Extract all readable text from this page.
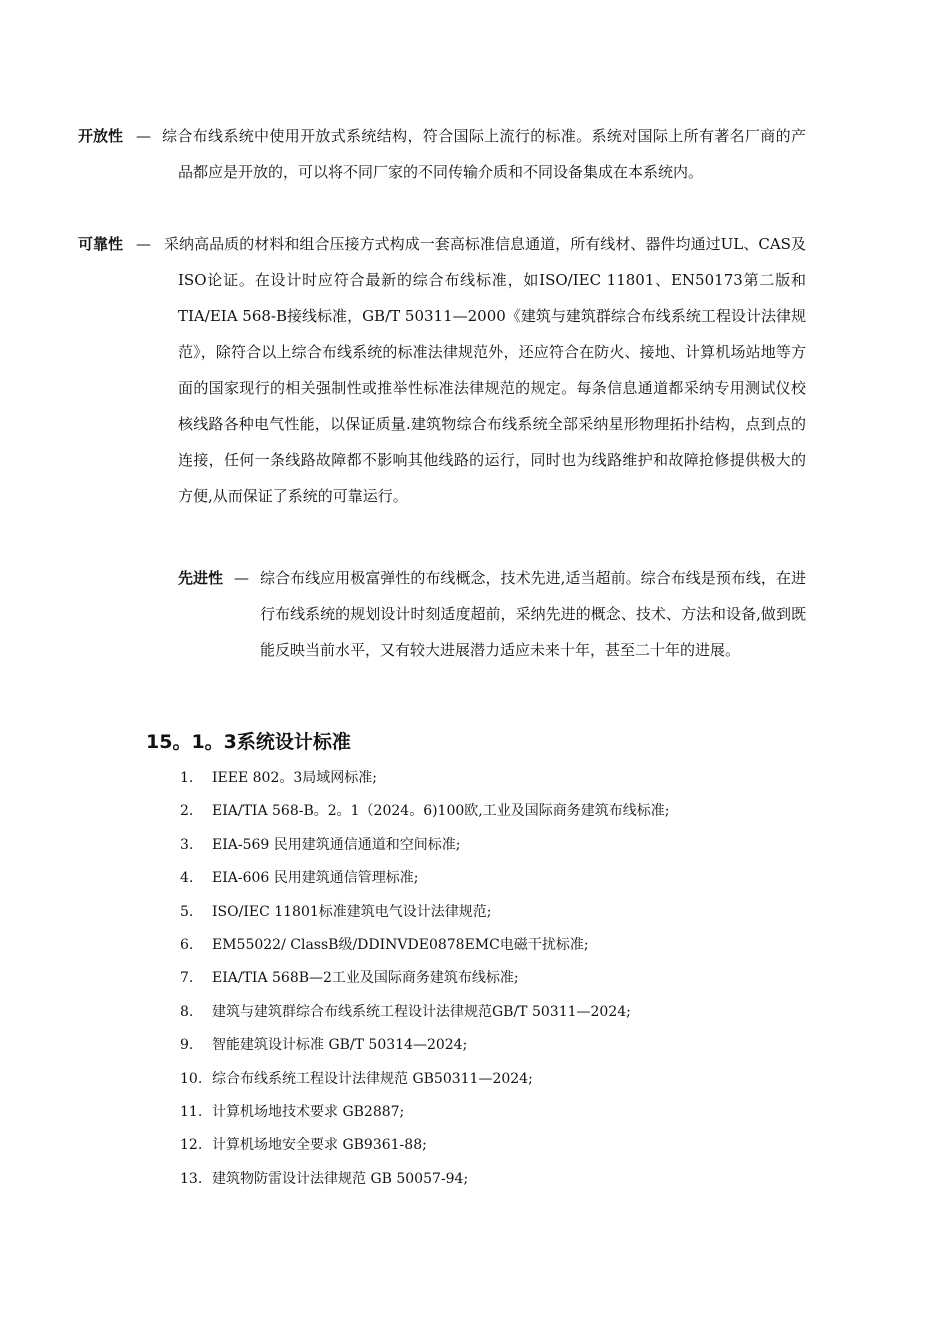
开放性 — 综合布线系统中使用开放式系统结构，符合国际上流行的标准。系统对国际上所有著名厂商的产品都应是开放的，可以将不同厂家的不同传输介质和不同设备集成在本系统内。

可靠性 — 采纳高品质的材料和组合压接方式构成一套高标准信息通道，所有线材、器件均通过UL、CAS及ISO论证。在设计时应符合最新的综合布线标准，如ISO/IEC 11801、EN50173第二版和 TIA/EIA 568-B接线标准，GB/T 50311—2000《建筑与建筑群综合布线系统工程设计法律规范》，除符合以上综合布线系统的标准法律规范外，还应符合在防火、接地、计算机场站地等方面的国家现行的相关强制性或推举性标准法律规范的规定。每条信息通道都采纳专用测试仪校核线路各种电气性能，以保证质量.建筑物综合布线系统全部采纳星形物理拓扑结构，点到点的连接，任何一条线路故障都不影响其他线路的运行，同时也为线路维护和故障抢修提供极大的方便,从而保证了系统的可靠运行。

先进性 — 综合布线应用极富弹性的布线概念，技术先进,适当超前。综合布线是预布线，在进行布线系统的规划设计时刻适度超前，采纳先进的概念、技术、方法和设备,做到既能反映当前水平，又有较大进展潜力适应未来十年，甚至二十年的进展。

15。1。3系统设计标准
1.	IEEE 802。3局域网标准;
2.	EIA/TIA 568-B。2。1（2024。6)100欧,工业及国际商务建筑布线标准;
3.	EIA-569 民用建筑通信通道和空间标准;
4.	EIA-606 民用建筑通信管理标准;
5.	ISO/IEC 11801标准建筑电气设计法律规范;
6.	EM55022/ ClassB级/DDINVDE0878EMC电磁干扰标准;
7.	EIA/TIA 568B—2工业及国际商务建筑布线标准;
8.	建筑与建筑群综合布线系统工程设计法律规范GB/T 50311—2024;
9.	智能建筑设计标准 GB/T 50314—2024;
10. 综合布线系统工程设计法律规范 GB50311—2024;
11. 计算机场地技术要求 GB2887;
12. 计算机场地安全要求 GB9361-88;
13. 建筑物防雷设计法律规范 GB 50057-94;
